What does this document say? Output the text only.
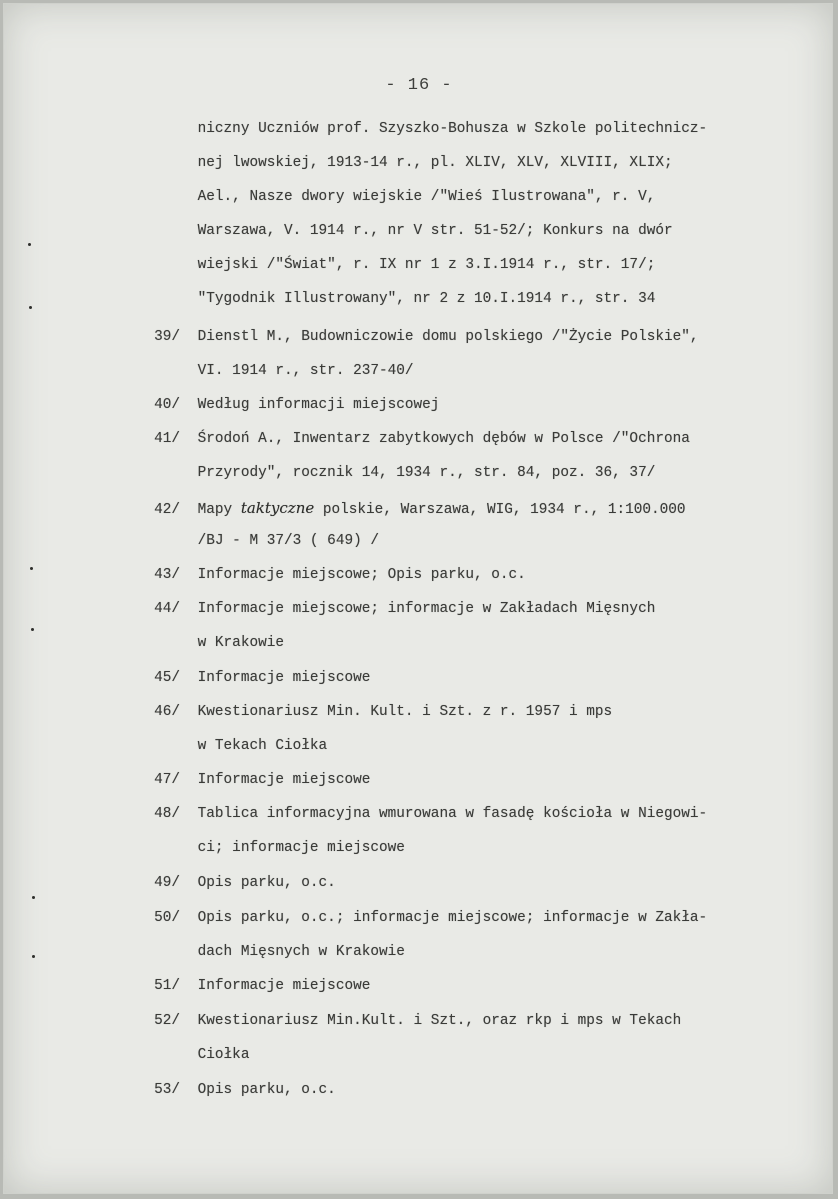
- 16 -
niczny Uczniów prof. Szyszko-Bohusza w Szkole politechnicz-
nej lwowskiej, 1913-14 r., pl. XLIV, XLV, XLVIII, XLIX;
Ael., Nasze dwory wiejskie /"Wieś Ilustrowana", r. V,
Warszawa, V. 1914 r., nr V str. 51-52/; Konkurs na dwór
wiejski /"Świat", r. IX nr 1 z 3.I.1914 r., str. 17/;
"Tygodnik Illustrowany", nr 2 z 10.I.1914 r., str. 34
39/ Dienstl M., Budowniczowie domu polskiego /"Życie Polskie",
VI. 1914 r., str. 237-40/
40/ Według informacji miejscowej
41/ Środoń A., Inwentarz zabytkowych dębów w Polsce /"Ochrona
Przyrody", rocznik 14, 1934 r., str. 84, poz. 36, 37/
42/ Mapy taktyczne polskie, Warszawa, WIG, 1934 r., 1:100.000
/BJ - M 37/3 ( 649) /
43/ Informacje miejscowe; Opis parku, o.c.
44/ Informacje miejscowe; informacje w Zakładach Mięsnych
w Krakowie
45/ Informacje miejscowe
46/ Kwestionariusz Min. Kult. i Szt. z r. 1957 i mps
w Tekach Ciołka
47/ Informacje miejscowe
48/ Tablica informacyjna wmurowana w fasadę kościoła w Niegowi-
ci; informacje miejscowe
49/ Opis parku, o.c.
50/ Opis parku, o.c.; informacje miejscowe; informacje w Zakła-
dach Mięsnych w Krakowie
51/ Informacje miejscowe
52/ Kwestionariusz Min.Kult. i Szt., oraz rkp i mps w Tekach
Ciołka
53/ Opis parku, o.c.
